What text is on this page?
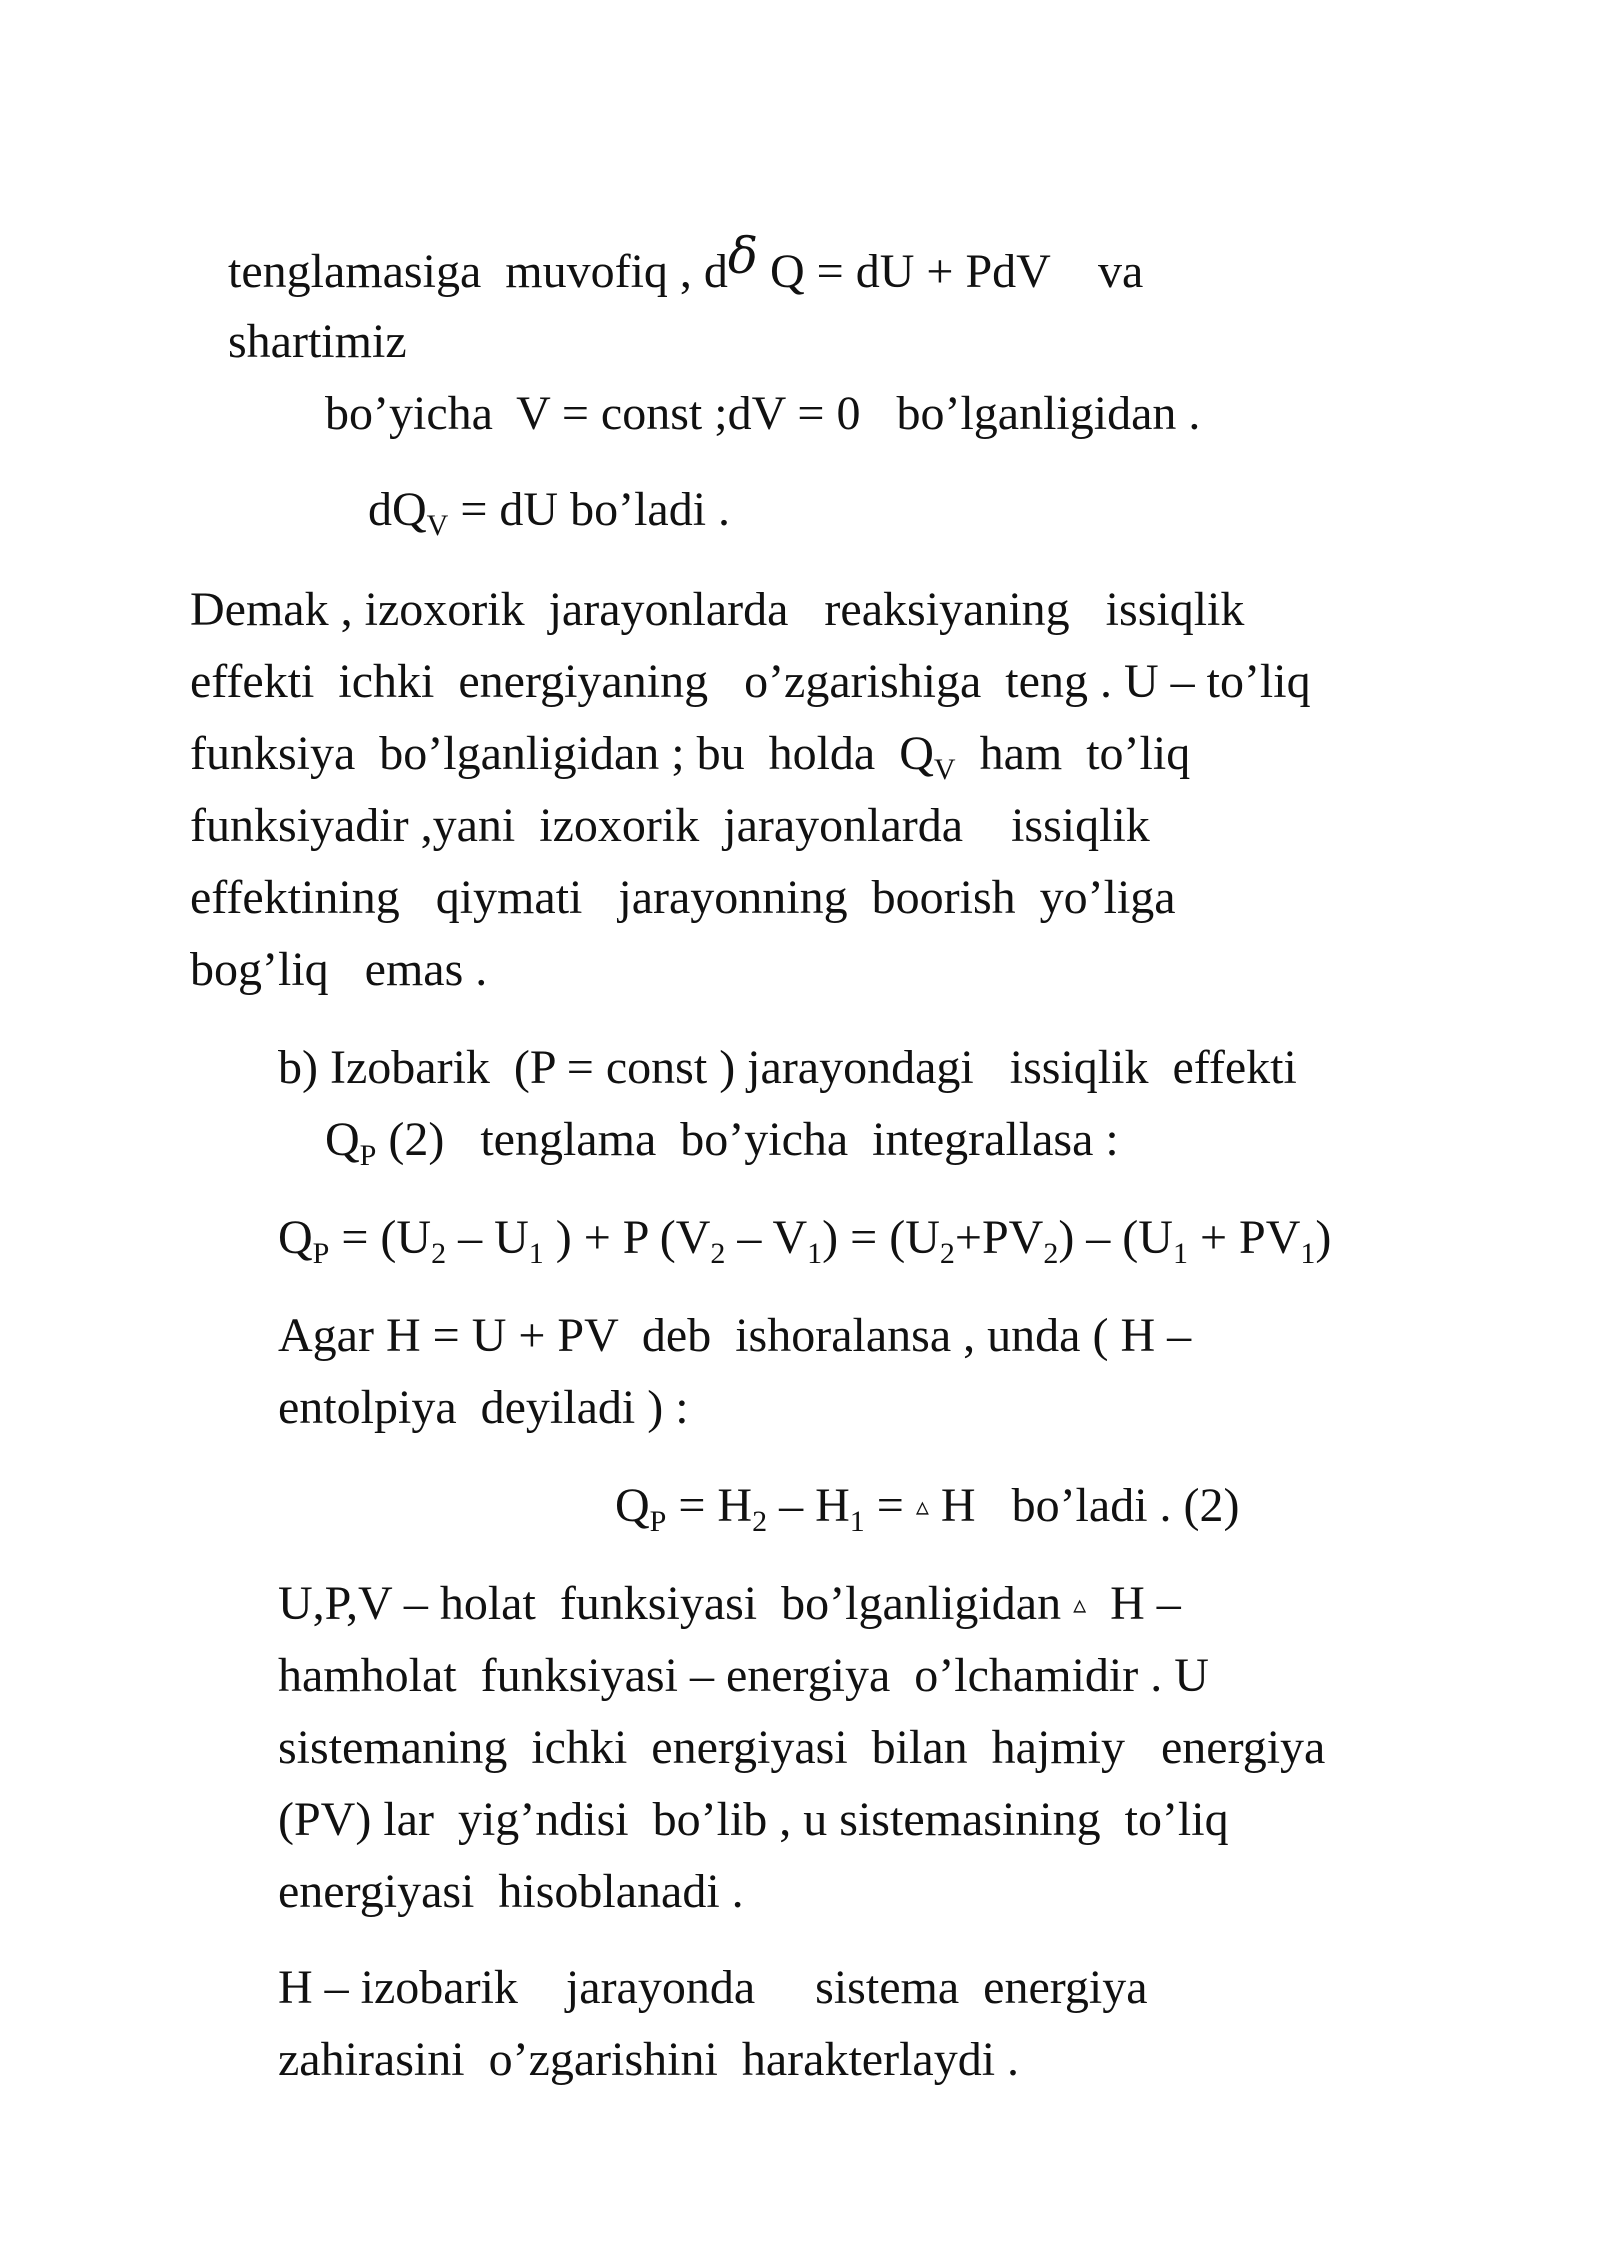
tenglamasiga  muvofiq , dδ Q = dU + PdV    va

shartimiz

bo’yicha  V = const ;dV = 0   bo’lganligidan .

$dQ_V$ = dU bo’ladi .

Demak , izoxorik  jarayonlarda   reaksiyaning   issiqlik

effekti  ichki  energiyaning   o’zgarishiga  teng . U – to’liq

funksiya  bo’lganligidan ; bu  holda  $Q_V$  ham  to’liq

funksiyadir ,yani  izoxorik  jarayonlarda    issiqlik

effektining   qiymati   jarayonning  boorish  yo’liga

bog’liq   emas .

b) Izobarik  (P = const ) jarayondagi   issiqlik  effekti

$Q_P$ (2)   tenglama  bo’yicha  integrallasa :

$Q_P = (U_2 - U_1$ ) + P $(V_2 - V_1) = (U_2+PV_2) - (U_1 + PV_1)$

Agar H = U + PV  deb  ishoralansa , unda ( H –

entolpiya  deyiladi ) :

$Q_P = H_2 - H_1$ = ▵ H   bo’ladi . (2)

U,P,V – holat  funksiyasi  bo’lganligidan ▵  H –

hamholat  funksiyasi – energiya  o’lchamidir . U

sistemaning  ichki  energiyasi  bilan  hajmiy   energiya

(PV) lar  yig’ndisi  bo’lib , u sistemasining  to’liq

energiyasi  hisoblanadi .

H – izobarik    jarayonda     sistema  energiya

zahirasini  o’zgarishini  harakterlaydi .
